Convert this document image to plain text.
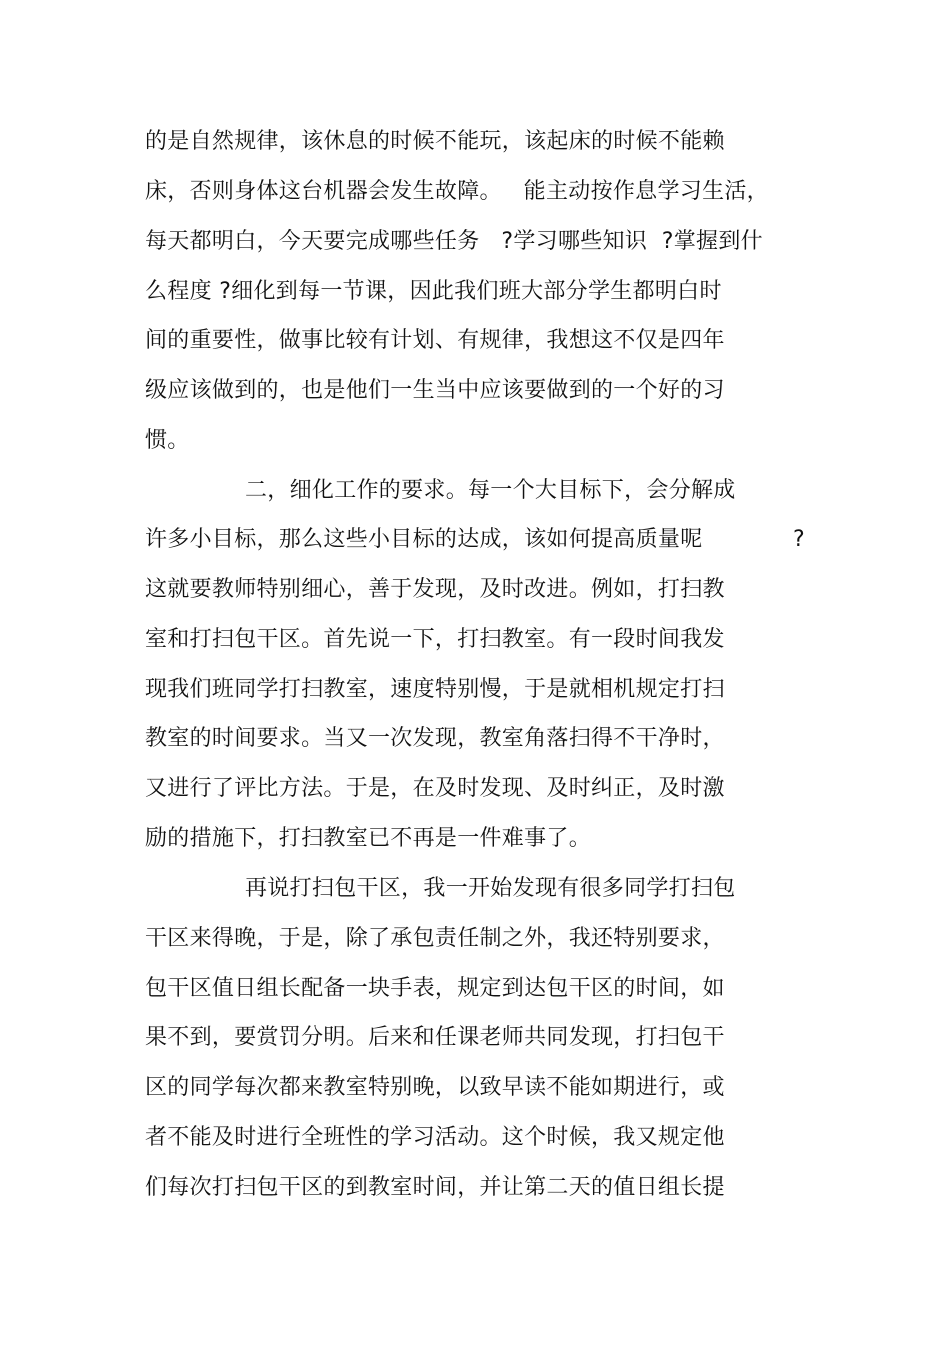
的是自然规律，该休息的时候不能玩，该起床的时候不能赖
床，否则身体这台机器会发生故障。   能主动按作息学习生活，
每天都明白，今天要完成哪些任务   ?学习哪些知识  ?掌握到什
么程度 ?细化到每一节课，因此我们班大部分学生都明白时
间的重要性，做事比较有计划、有规律，我想这不仅是四年
级应该做到的，也是他们一生当中应该要做到的一个好的习
惯。
二，细化工作的要求。每一个大目标下，会分解成
许多小目标，那么这些小目标的达成，该如何提高质量呢	?
这就要教师特别细心，善于发现，及时改进。例如，打扫教
室和打扫包干区。首先说一下，打扫教室。有一段时间我发
现我们班同学打扫教室，速度特别慢，于是就相机规定打扫
教室的时间要求。当又一次发现，教室角落扫得不干净时，
又进行了评比方法。于是，在及时发现、及时纠正，及时激
励的措施下，打扫教室已不再是一件难事了。
再说打扫包干区，我一开始发现有很多同学打扫包
干区来得晚，于是，除了承包责任制之外，我还特别要求，
包干区值日组长配备一块手表，规定到达包干区的时间，如
果不到，要赏罚分明。后来和任课老师共同发现，打扫包干
区的同学每次都来教室特别晚，以致早读不能如期进行，或
者不能及时进行全班性的学习活动。这个时候，我又规定他
们每次打扫包干区的到教室时间，并让第二天的值日组长提
